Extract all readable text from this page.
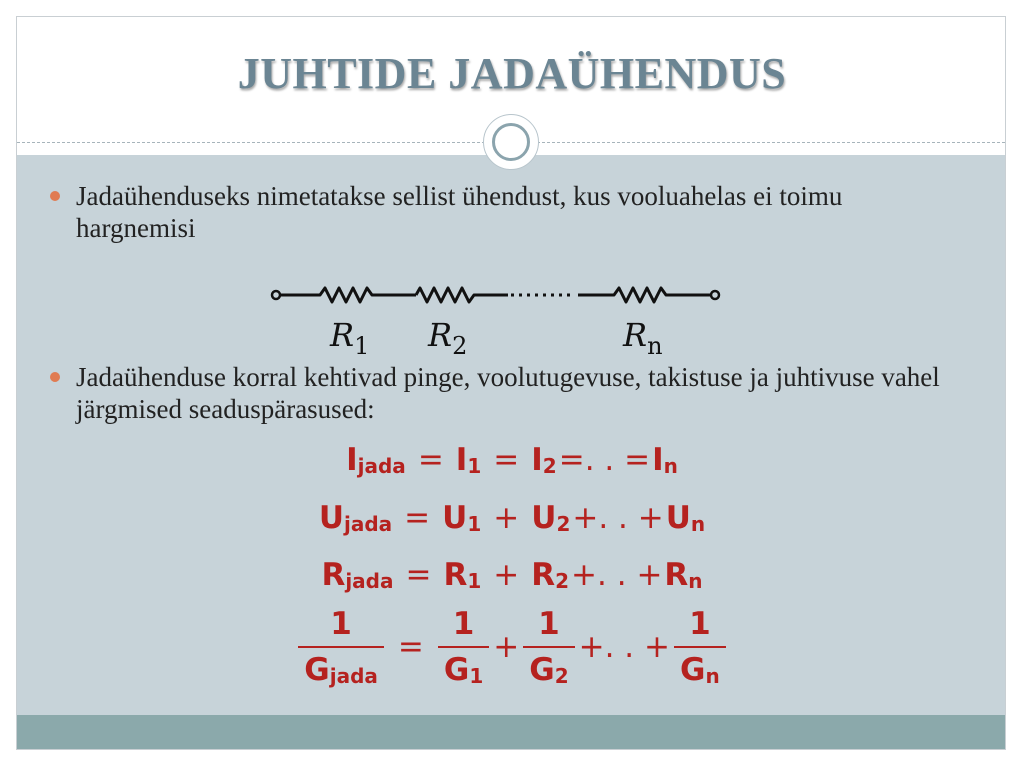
JUHTIDE JADAÜHENDUS
Jadaühenduseks nimetatakse sellist ühendust, kus vooluahelas ei toimu hargnemisi
$R_1$ $R_2$	$R_n$
Jadaühenduse korral kehtivad pinge, voolutugevuse, takistuse ja juhtivuse vahel järgmised seaduspärasused:
$I_{jada} = I_1 = I_2=$. . $=I_n$
$U_{jada} = U_1 + U_2+$. . $+U_n$
$R_{jada} = R_1 + R_2+$. . $+R_n$
$\frac{1}{G_{jada}} = \frac{1}{G_1} + \frac{1}{G_2}$ +. . + $\frac{1}{G_n}$
